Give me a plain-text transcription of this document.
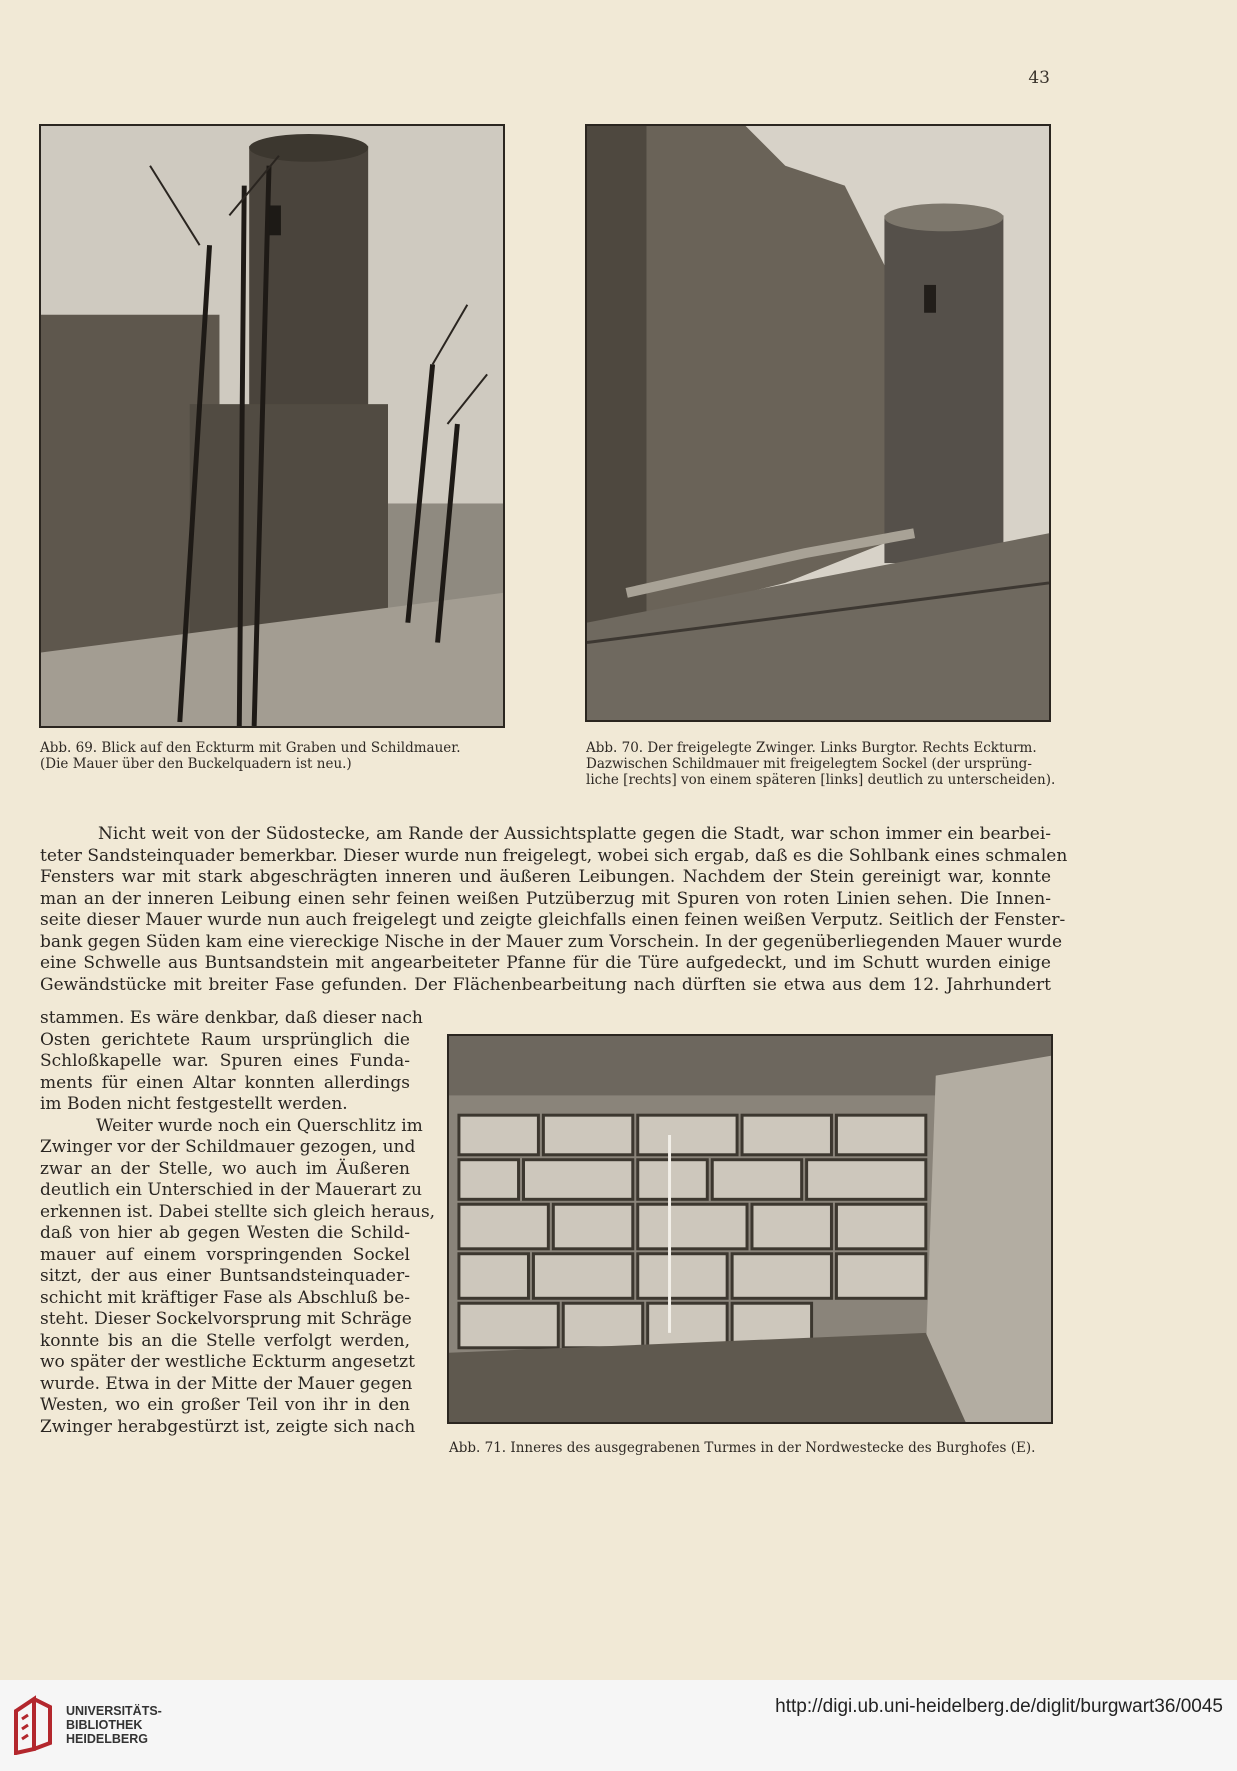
43
Abb. 69. Blick auf den Eckturm mit Graben und Schildmauer.
(Die Mauer über den Buckelquadern ist neu.)
Abb. 70. Der freigelegte Zwinger. Links Burgtor. Rechts Eckturm.
Dazwischen Schildmauer mit freigelegtem Sockel (der ursprüng-
liche [rechts] von einem späteren [links] deutlich zu unterscheiden).
Nicht weit von der Südostecke, am Rande der Aussichtsplatte gegen die Stadt, war schon immer ein bearbei-
teter Sandsteinquader bemerkbar. Dieser wurde nun freigelegt, wobei sich ergab, daß es die Sohlbank eines schmalen
Fensters war mit stark abgeschrägten inneren und äußeren Leibungen. Nachdem der Stein gereinigt war, konnte
man an der inneren Leibung einen sehr feinen weißen Putzüberzug mit Spuren von roten Linien sehen. Die Innen-
seite dieser Mauer wurde nun auch freigelegt und zeigte gleichfalls einen feinen weißen Verputz. Seitlich der Fenster-
bank gegen Süden kam eine viereckige Nische in der Mauer zum Vorschein. In der gegenüberliegenden Mauer wurde
eine Schwelle aus Buntsandstein mit angearbeiteter Pfanne für die Türe aufgedeckt, und im Schutt wurden einige
Gewändstücke mit breiter Fase gefunden. Der Flächenbearbeitung nach dürften sie etwa aus dem 12. Jahrhundert
Abb. 71. Inneres des ausgegrabenen Turmes in der Nordwestecke des Burghofes (E).
stammen. Es wäre denkbar, daß dieser nach
Osten gerichtete Raum ursprünglich die
Schloßkapelle war. Spuren eines Funda-
ments für einen Altar konnten allerdings
im Boden nicht festgestellt werden.
Weiter wurde noch ein Querschlitz im
Zwinger vor der Schildmauer gezogen, und
zwar an der Stelle, wo auch im Äußeren
deutlich ein Unterschied in der Mauerart zu
erkennen ist. Dabei stellte sich gleich heraus,
daß von hier ab gegen Westen die Schild-
mauer auf einem vorspringenden Sockel
sitzt, der aus einer Buntsandsteinquader-
schicht mit kräftiger Fase als Abschluß be-
steht. Dieser Sockelvorsprung mit Schräge
konnte bis an die Stelle verfolgt werden,
wo später der westliche Eckturm angesetzt
wurde. Etwa in der Mitte der Mauer gegen
Westen, wo ein großer Teil von ihr in den
Zwinger herabgestürzt ist, zeigte sich nach
UNIVERSITÄTS-
BIBLIOTHEK
HEIDELBERG
http://digi.ub.uni-heidelberg.de/diglit/burgwart36/0045
